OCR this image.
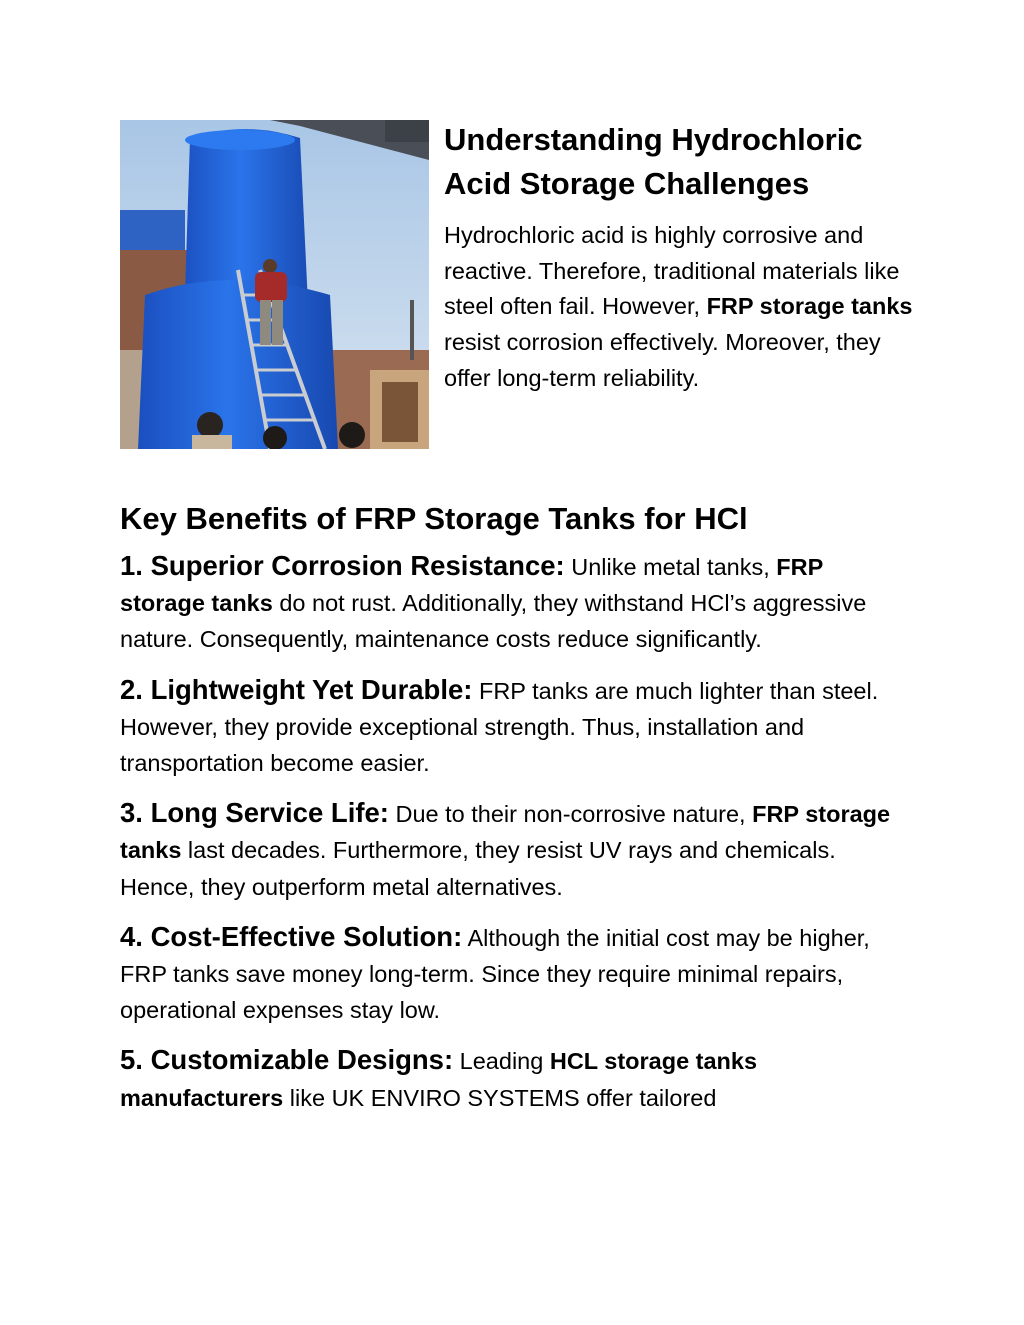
Understanding Hydrochloric Acid Storage Challenges

Hydrochloric acid is highly corrosive and reactive. Therefore, traditional materials like steel often fail. However, FRP storage tanks resist corrosion effectively. Moreover, they offer long-term reliability.

Key Benefits of FRP Storage Tanks for HCl
1. Superior Corrosion Resistance: Unlike metal tanks, FRP storage tanks do not rust. Additionally, they withstand HCl’s aggressive nature. Consequently, maintenance costs reduce significantly.
2. Lightweight Yet Durable: FRP tanks are much lighter than steel. However, they provide exceptional strength. Thus, installation and transportation become easier.
3. Long Service Life: Due to their non-corrosive nature, FRP storage tanks last decades. Furthermore, they resist UV rays and chemicals. Hence, they outperform metal alternatives.
4. Cost-Effective Solution: Although the initial cost may be higher, FRP tanks save money long-term. Since they require minimal repairs, operational expenses stay low.
5. Customizable Designs: Leading HCL storage tanks manufacturers like UK ENVIRO SYSTEMS offer tailored
